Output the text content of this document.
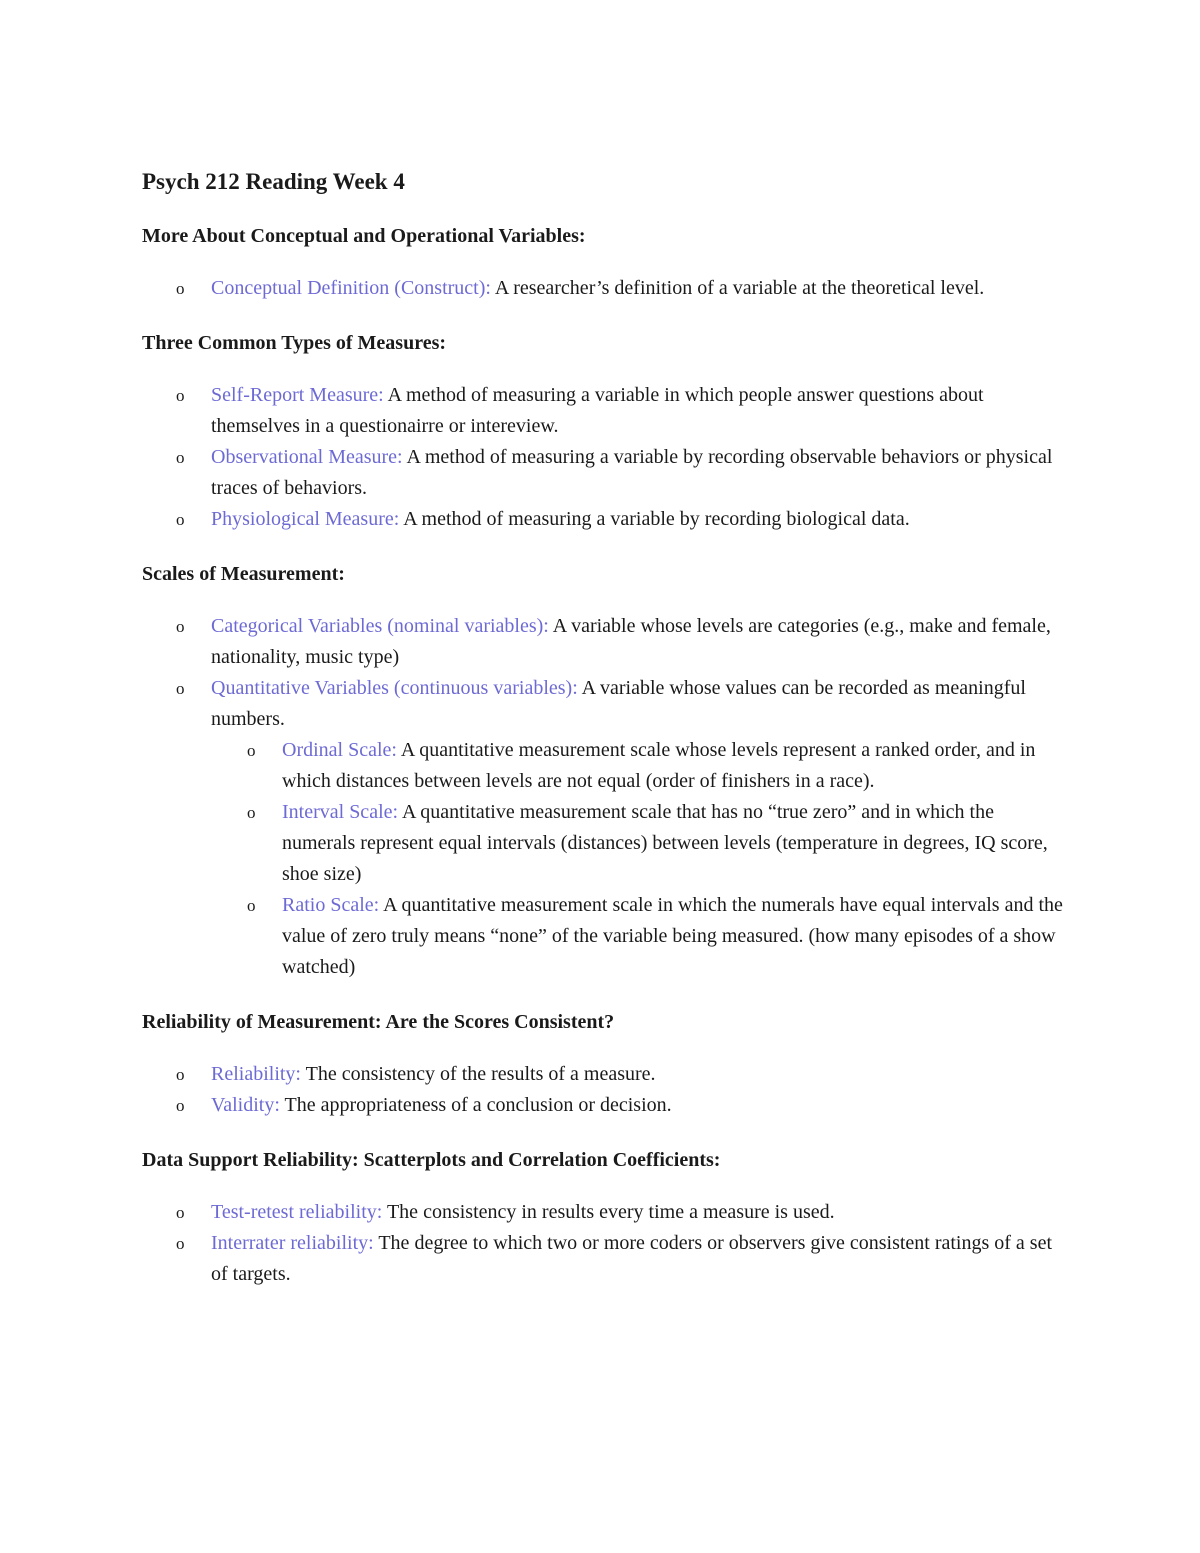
Psych 212 Reading Week 4
More About Conceptual and Operational Variables:
o Conceptual Definition (Construct): A researcher’s definition of a variable at the theoretical level.
Three Common Types of Measures:
o Self-Report Measure: A method of measuring a variable in which people answer questions about themselves in a questionairre or intereview.
o Observational Measure: A method of measuring a variable by recording observable behaviors or physical traces of behaviors.
o Physiological Measure: A method of measuring a variable by recording biological data.
Scales of Measurement:
o Categorical Variables (nominal variables): A variable whose levels are categories (e.g., make and female, nationality, music type)
o Quantitative Variables (continuous variables): A variable whose values can be recorded as meaningful numbers.
o Ordinal Scale: A quantitative measurement scale whose levels represent a ranked order, and in which distances between levels are not equal (order of finishers in a race).
o Interval Scale: A quantitative measurement scale that has no “true zero” and in which the numerals represent equal intervals (distances) between levels (temperature in degrees, IQ score, shoe size)
o Ratio Scale: A quantitative measurement scale in which the numerals have equal intervals and the value of zero truly means “none” of the variable being measured. (how many episodes of a show watched)
Reliability of Measurement: Are the Scores Consistent?
o Reliability: The consistency of the results of a measure.
o Validity: The appropriateness of a conclusion or decision.
Data Support Reliability: Scatterplots and Correlation Coefficients:
o Test-retest reliability: The consistency in results every time a measure is used.
o Interrater reliability: The degree to which two or more coders or observers give consistent ratings of a set of targets.
